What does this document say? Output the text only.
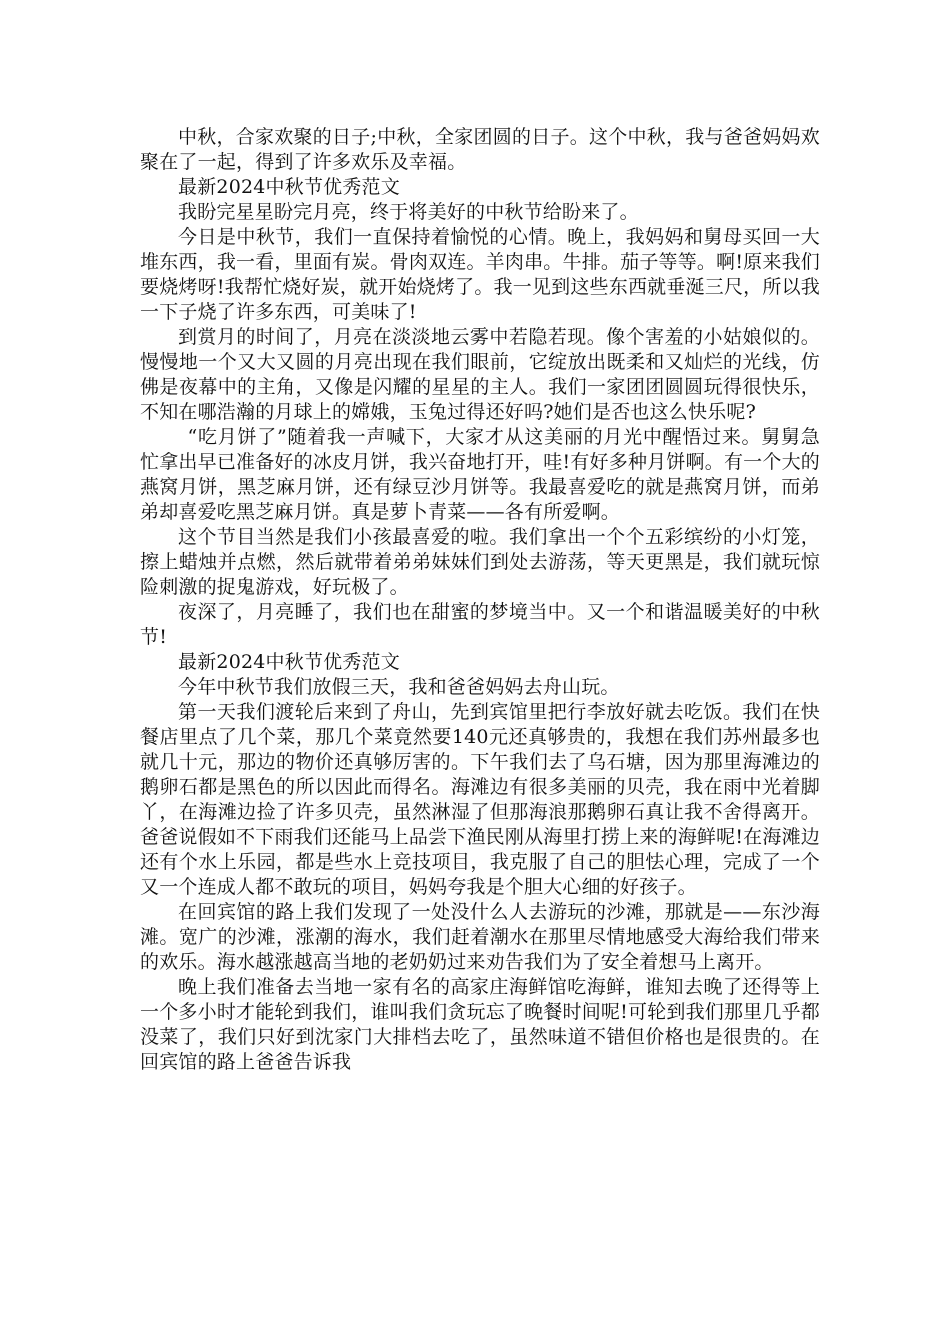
中秋，合家欢聚的日子;中秋，全家团圆的日子。这个中秋，我与爸爸妈妈欢聚在了一起，得到了许多欢乐及幸福。

最新2024中秋节优秀范文

我盼完星星盼完月亮，终于将美好的中秋节给盼来了。

今日是中秋节，我们一直保持着愉悦的心情。晚上，我妈妈和舅母买回一大堆东西，我一看，里面有炭。骨肉双连。羊肉串。牛排。茄子等等。啊!原来我们要烧烤呀!我帮忙烧好炭，就开始烧烤了。我一见到这些东西就垂涎三尺，所以我一下子烧了许多东西，可美味了!

到赏月的时间了，月亮在淡淡地云雾中若隐若现。像个害羞的小姑娘似的。慢慢地一个又大又圆的月亮出现在我们眼前，它绽放出既柔和又灿烂的光线，仿佛是夜幕中的主角，又像是闪耀的星星的主人。我们一家团团圆圆玩得很快乐，不知在哪浩瀚的月球上的嫦娥，玉兔过得还好吗?她们是否也这么快乐呢?

“吃月饼了”随着我一声喊下，大家才从这美丽的月光中醒悟过来。舅舅急忙拿出早已准备好的冰皮月饼，我兴奋地打开，哇!有好多种月饼啊。有一个大的燕窝月饼，黑芝麻月饼，还有绿豆沙月饼等。我最喜爱吃的就是燕窝月饼，而弟弟却喜爱吃黑芝麻月饼。真是萝卜青菜——各有所爱啊。

这个节目当然是我们小孩最喜爱的啦。我们拿出一个个五彩缤纷的小灯笼，擦上蜡烛并点燃，然后就带着弟弟妹妹们到处去游荡，等天更黑是，我们就玩惊险刺激的捉鬼游戏，好玩极了。

夜深了，月亮睡了，我们也在甜蜜的梦境当中。又一个和谐温暖美好的中秋节!

最新2024中秋节优秀范文

今年中秋节我们放假三天，我和爸爸妈妈去舟山玩。

第一天我们渡轮后来到了舟山，先到宾馆里把行李放好就去吃饭。我们在快餐店里点了几个菜，那几个菜竟然要140元还真够贵的，我想在我们苏州最多也就几十元，那边的物价还真够厉害的。下午我们去了乌石塘，因为那里海滩边的鹅卵石都是黑色的所以因此而得名。海滩边有很多美丽的贝壳，我在雨中光着脚丫，在海滩边捡了许多贝壳，虽然淋湿了但那海浪那鹅卵石真让我不舍得离开。爸爸说假如不下雨我们还能马上品尝下渔民刚从海里打捞上来的海鲜呢!在海滩边还有个水上乐园，都是些水上竞技项目，我克服了自己的胆怯心理，完成了一个又一个连成人都不敢玩的项目，妈妈夸我是个胆大心细的好孩子。

在回宾馆的路上我们发现了一处没什么人去游玩的沙滩，那就是——东沙海滩。宽广的沙滩，涨潮的海水，我们赶着潮水在那里尽情地感受大海给我们带来的欢乐。海水越涨越高当地的老奶奶过来劝告我们为了安全着想马上离开。

晚上我们准备去当地一家有名的高家庄海鲜馆吃海鲜，谁知去晚了还得等上一个多小时才能轮到我们，谁叫我们贪玩忘了晚餐时间呢!可轮到我们那里几乎都没菜了，我们只好到沈家门大排档去吃了，虽然味道不错但价格也是很贵的。在回宾馆的路上爸爸告诉我
